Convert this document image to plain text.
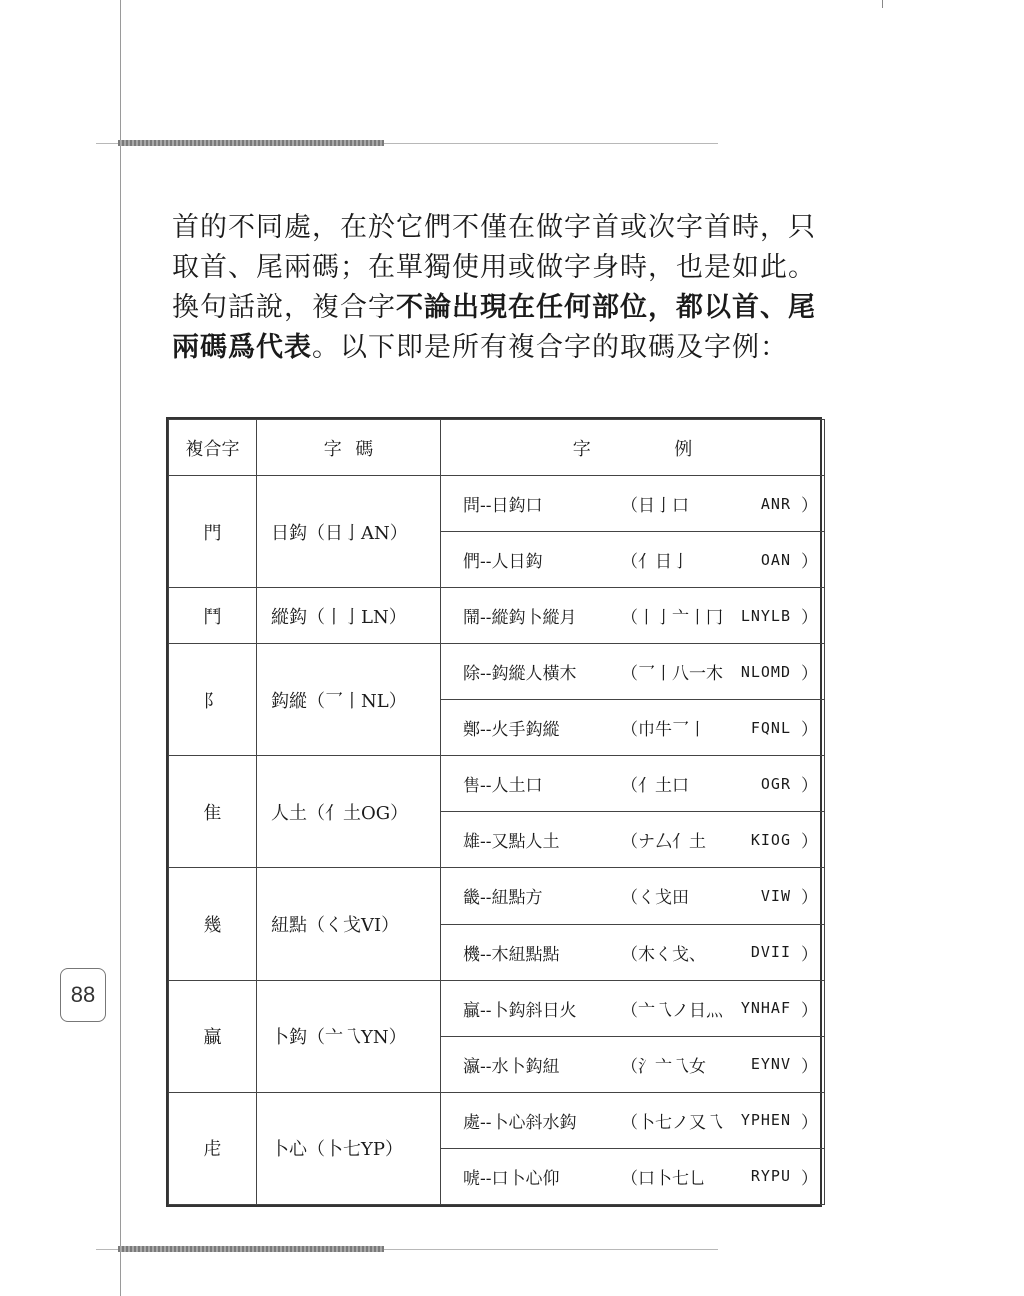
首的不同處，在於它們不僅在做字首或次字首時，只
取首、尾兩碼；在單獨使用或做字身時，也是如此。
換句話說，複合字不論出現在任何部位，都以首、尾
兩碼爲代表。以下即是所有複合字的取碼及字例：
複合字	字 碼	字 例

門	日鈎（日亅AN）	問--日鈎口 （日亅口 ANR ）

		們--人日鈎 （亻日亅 OAN ）

鬥	縱鈎（丨亅LN）	鬧--縱鈎卜縱月 （丨亅亠丨冂 LNYLB ）

阝	鈎縱（乛丨NL）	除--鈎縱人橫木 （乛丨八一木 NLOMD ）

		鄭--火手鈎縱 （巾牛乛丨 FQNL ）

隹	人土（亻土OG）	售--人土口 （亻土口 OGR ）

		雄--又點人土 （ナ厶亻土 KIOG ）

幾	紐點（く戈VI）	畿--紐點方 （く戈田 VIW ）

		機--木紐點點 （木く戈、 DVII ）

贏	卜鈎（亠乁YN）	贏--卜鈎斜日火 （亠乁ノ日灬 YNHAF ）

		瀛--水卜鈎紐 （氵亠乁女 EYNV ）

虍	卜心（卜七YP）	處--卜心斜水鈎 （卜七ノ又乁 YPHEN ）

		唬--口卜心仰 （口卜七乚 RYPU ）
88
